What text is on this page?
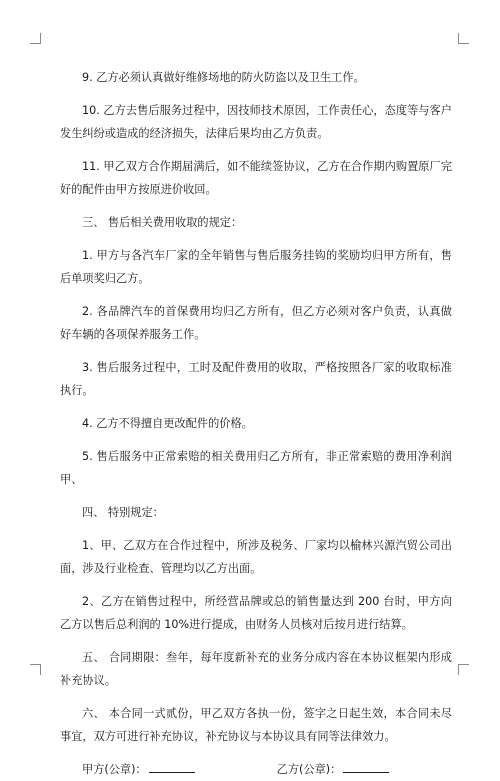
9. 乙方必须认真做好维修场地的防火防盗以及卫生工作。

10. 乙方去售后服务过程中，因技师技术原因，工作责任心，态度等与客户发生纠纷或造成的经济损失，法律后果均由乙方负责。

11. 甲乙双方合作期届满后，如不能续签协议，乙方在合作期内购置原厂完好的配件由甲方按原进价收回。

三、 售后相关费用收取的规定：

1. 甲方与各汽车厂家的全年销售与售后服务挂钩的奖励均归甲方所有，售后单项奖归乙方。

2. 各品牌汽车的首保费用均归乙方所有，但乙方必须对客户负责，认真做好车辆的各项保养服务工作。

3. 售后服务过程中，工时及配件费用的收取，严格按照各厂家的收取标准执行。

4. 乙方不得擅自更改配件的价格。

5. 售后服务中正常索赔的相关费用归乙方所有，非正常索赔的费用净利润甲、

四、 特别规定：

1、甲、乙双方在合作过程中，所涉及税务、厂家均以榆林兴源汽贸公司出面，涉及行业检查、管理均以乙方出面。

2、乙方在销售过程中，所经营品牌或总的销售量达到 200 台时，甲方向乙方以售后总利润的 10%进行提成，由财务人员核对后按月进行结算。

五、 合同期限：叁年，每年度新补充的业务分成内容在本协议框架内形成补充协议。

六、 本合同一式贰份，甲乙双方各执一份，签字之日起生效，本合同未尽事宜，双方可进行补充协议，补充协议与本协议具有同等法律效力。

甲方(公章)：	乙方(公章)：
